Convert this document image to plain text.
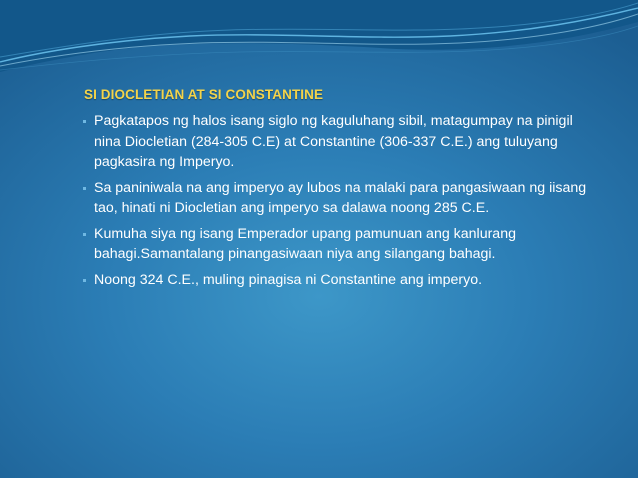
SI DIOCLETIAN AT SI CONSTANTINE
Pagkatapos ng halos isang siglo ng kaguluhang sibil, matagumpay na pinigil nina Diocletian (284-305 C.E) at Constantine (306-337 C.E.) ang tuluyang pagkasira ng Imperyo.
Sa paniniwala na ang imperyo ay lubos na malaki para pangasiwaan ng iisang tao, hinati ni Diocletian ang imperyo sa dalawa noong 285 C.E.
Kumuha siya ng isang Emperador upang pamunuan ang kanlurang bahagi.Samantalang pinangasiwaan niya ang silangang bahagi.
Noong 324 C.E., muling pinagisa ni Constantine ang imperyo.
